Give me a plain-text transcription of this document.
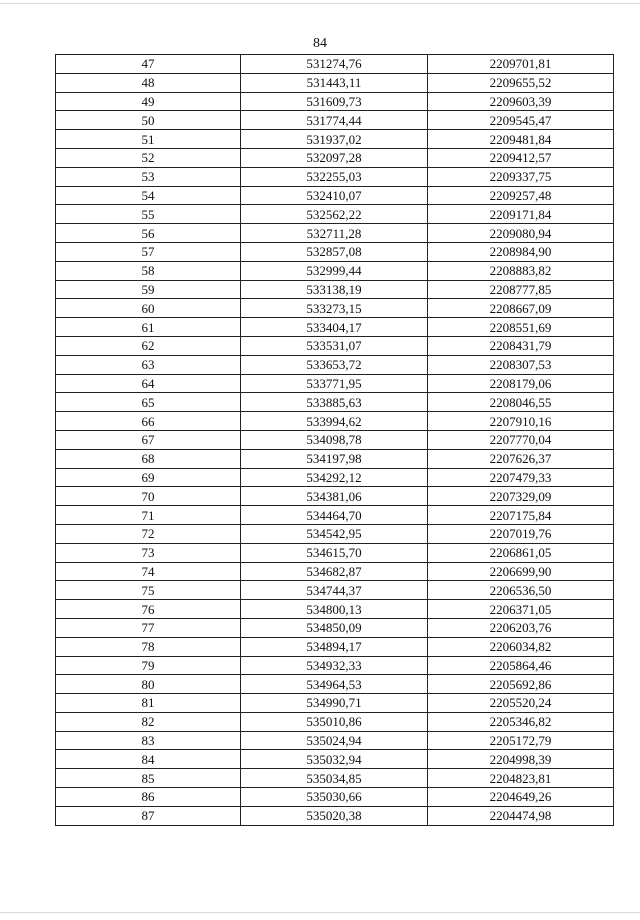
84
47	531274,76	2209701,81
48	531443,11	2209655,52
49	531609,73	2209603,39
50	531774,44	2209545,47
51	531937,02	2209481,84
52	532097,28	2209412,57
53	532255,03	2209337,75
54	532410,07	2209257,48
55	532562,22	2209171,84
56	532711,28	2209080,94
57	532857,08	2208984,90
58	532999,44	2208883,82
59	533138,19	2208777,85
60	533273,15	2208667,09
61	533404,17	2208551,69
62	533531,07	2208431,79
63	533653,72	2208307,53
64	533771,95	2208179,06
65	533885,63	2208046,55
66	533994,62	2207910,16
67	534098,78	2207770,04
68	534197,98	2207626,37
69	534292,12	2207479,33
70	534381,06	2207329,09
71	534464,70	2207175,84
72	534542,95	2207019,76
73	534615,70	2206861,05
74	534682,87	2206699,90
75	534744,37	2206536,50
76	534800,13	2206371,05
77	534850,09	2206203,76
78	534894,17	2206034,82
79	534932,33	2205864,46
80	534964,53	2205692,86
81	534990,71	2205520,24
82	535010,86	2205346,82
83	535024,94	2205172,79
84	535032,94	2204998,39
85	535034,85	2204823,81
86	535030,66	2204649,26
87	535020,38	2204474,98
